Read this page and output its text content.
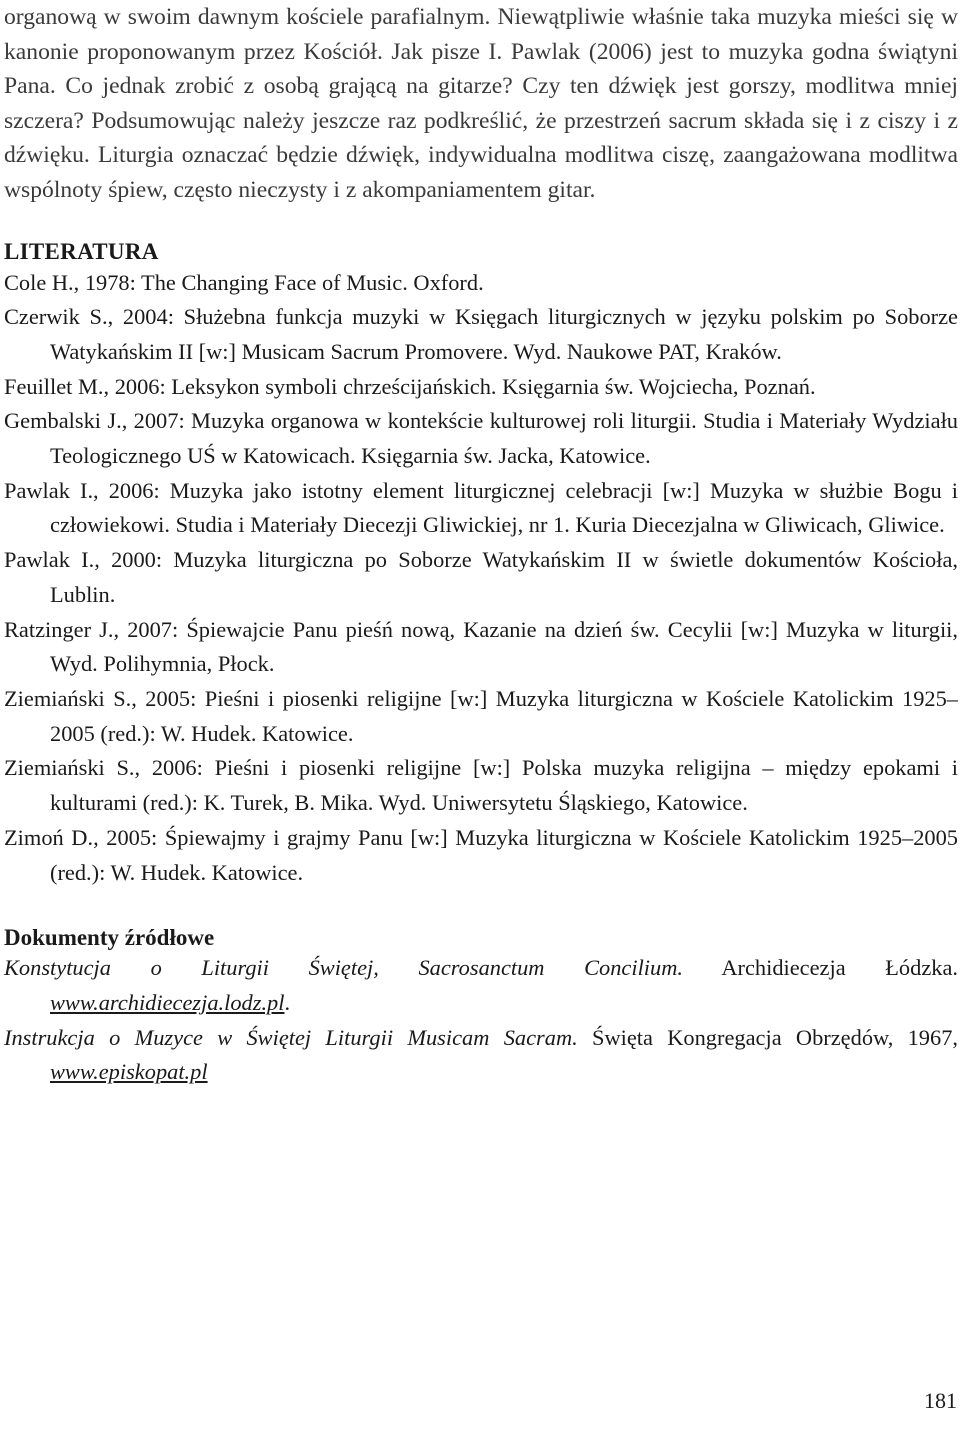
organową w swoim dawnym kościele parafialnym. Niewątpliwie właśnie taka muzyka mieści się w kanonie proponowanym przez Kościół. Jak pisze I. Pawlak (2006) jest to muzyka godna świątyni Pana. Co jednak zrobić z osobą grającą na gitarze? Czy ten dźwięk jest gorszy, modlitwa mniej szczera? Podsumowując należy jeszcze raz podkreślić, że przestrzeń sacrum składa się i z ciszy i z dźwięku. Liturgia oznaczać będzie dźwięk, indywidualna modlitwa ciszę, zaangażowana modlitwa wspólnoty śpiew, często nieczysty i z akompaniamentem gitar.

LITERATURA

Cole H., 1978: The Changing Face of Music. Oxford.

Czerwik S., 2004: Służebna funkcja muzyki w Księgach liturgicznych w języku polskim po Soborze Watykańskim II [w:] Musicam Sacrum Promovere. Wyd. Naukowe PAT, Kraków.

Feuillet M., 2006: Leksykon symboli chrześcijańskich. Księgarnia św. Wojciecha, Poznań.

Gembalski J., 2007: Muzyka organowa w kontekście kulturowej roli liturgii. Studia i Materiały Wydziału Teologicznego UŚ w Katowicach. Księgarnia św. Jacka, Katowice.

Pawlak I., 2006: Muzyka jako istotny element liturgicznej celebracji [w:] Muzyka w służbie Bogu i człowiekowi. Studia i Materiały Diecezji Gliwickiej, nr 1. Kuria Diecezjalna w Gliwicach, Gliwice.

Pawlak I., 2000: Muzyka liturgiczna po Soborze Watykańskim II w świetle dokumentów Kościoła, Lublin.

Ratzinger J., 2007: Śpiewajcie Panu pieśń nową, Kazanie na dzień św. Cecylii [w:] Muzyka w liturgii, Wyd. Polihymnia, Płock.

Ziemiański S., 2005: Pieśni i piosenki religijne [w:] Muzyka liturgiczna w Kościele Katolickim 1925–2005 (red.): W. Hudek. Katowice.

Ziemiański S., 2006: Pieśni i piosenki religijne [w:] Polska muzyka religijna – między epokami i kulturami (red.): K. Turek, B. Mika. Wyd. Uniwersytetu Śląskiego, Katowice.

Zimoń D., 2005: Śpiewajmy i grajmy Panu [w:] Muzyka liturgiczna w Kościele Katolickim 1925–2005 (red.): W. Hudek. Katowice.

Dokumenty źródłowe

Konstytucja o Liturgii Świętej, Sacrosanctum Concilium. Archidiecezja Łódzka. www.archidiecezja.lodz.pl.

Instrukcja o Muzyce w Świętej Liturgii Musicam Sacram. Święta Kongregacja Obrzędów, 1967, www.episkopat.pl

181
